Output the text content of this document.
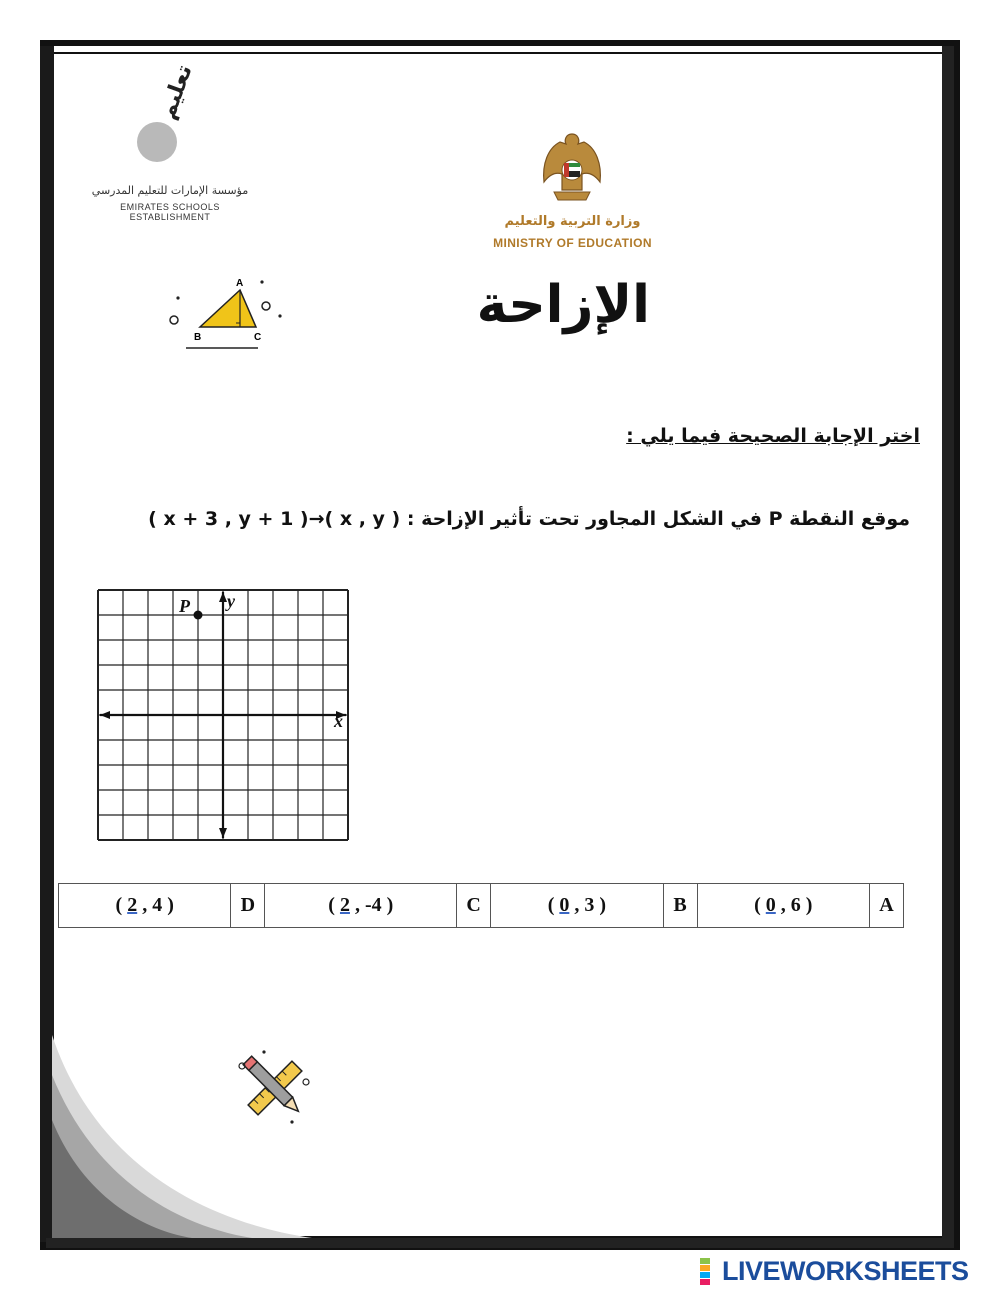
تعليم
مؤسسة الإمارات للتعليم المدرسي
EMIRATES SCHOOLS ESTABLISHMENT	وزارة التربية والتعليم
MINISTRY OF EDUCATION
A
B	C
الإزاحة
اختر الإجابة الصحيحة فيما يلي :
موقع النقطة P في الشكل المجاور تحت تأثير الإزاحة : ( x , y )→( x + 3 , y + 1 )
y
x
P
( 2 , 4 )	D	( 2 , -4 )	C	( 0 , 3 )	B	( 0 , 6 )	A
LIVEWORKSHEETS
